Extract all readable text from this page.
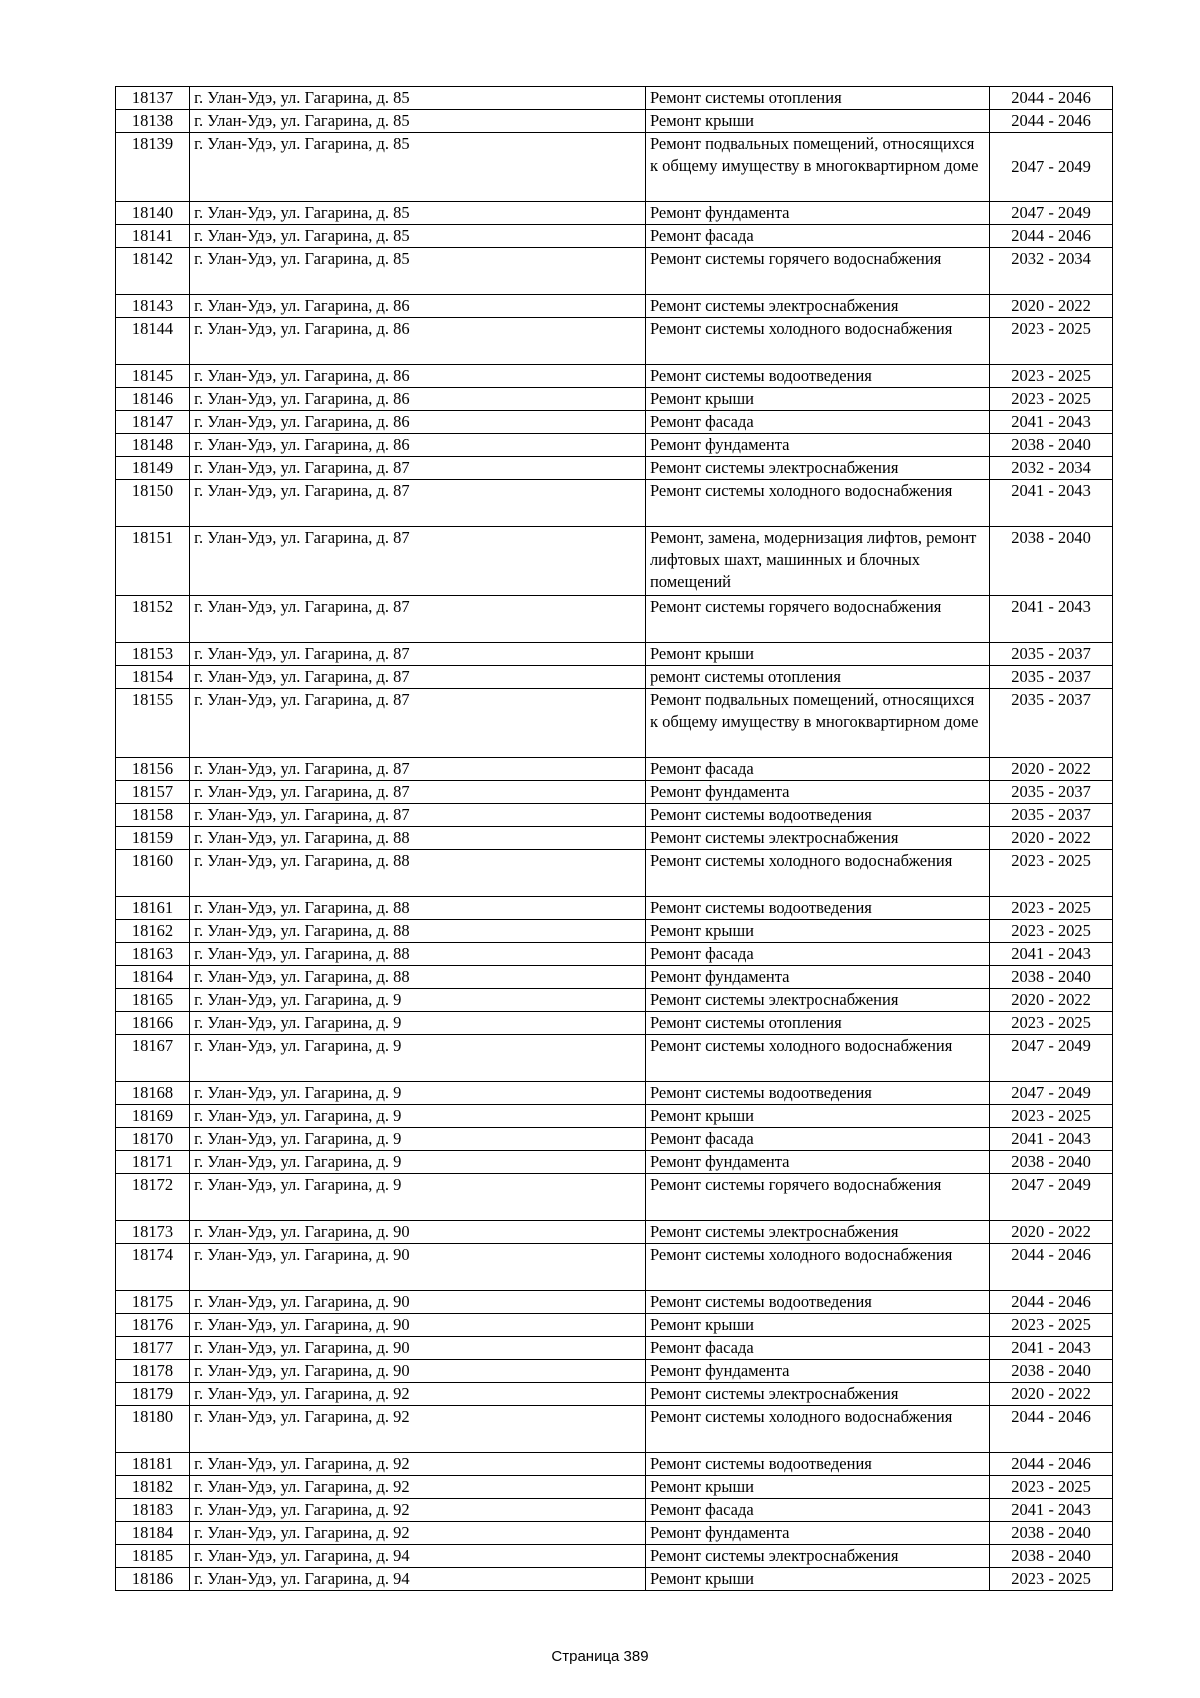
18137	г. Улан-Удэ, ул. Гагарина, д. 85	Ремонт системы отопления	2044 - 2046
18138	г. Улан-Удэ, ул. Гагарина, д. 85	Ремонт крыши	2044 - 2046
18139	г. Улан-Удэ, ул. Гагарина, д. 85	Ремонт подвальных помещений, относящихся к общему имуществу в многоквартирном доме	2047 - 2049
18140	г. Улан-Удэ, ул. Гагарина, д. 85	Ремонт фундамента	2047 - 2049
18141	г. Улан-Удэ, ул. Гагарина, д. 85	Ремонт фасада	2044 - 2046
18142	г. Улан-Удэ, ул. Гагарина, д. 85	Ремонт системы горячего водоснабжения	2032 - 2034
18143	г. Улан-Удэ, ул. Гагарина, д. 86	Ремонт системы электроснабжения	2020 - 2022
18144	г. Улан-Удэ, ул. Гагарина, д. 86	Ремонт системы холодного водоснабжения	2023 - 2025
18145	г. Улан-Удэ, ул. Гагарина, д. 86	Ремонт системы водоотведения	2023 - 2025
18146	г. Улан-Удэ, ул. Гагарина, д. 86	Ремонт крыши	2023 - 2025
18147	г. Улан-Удэ, ул. Гагарина, д. 86	Ремонт фасада	2041 - 2043
18148	г. Улан-Удэ, ул. Гагарина, д. 86	Ремонт фундамента	2038 - 2040
18149	г. Улан-Удэ, ул. Гагарина, д. 87	Ремонт системы электроснабжения	2032 - 2034
18150	г. Улан-Удэ, ул. Гагарина, д. 87	Ремонт системы холодного водоснабжения	2041 - 2043
18151	г. Улан-Удэ, ул. Гагарина, д. 87	Ремонт, замена, модернизация лифтов, ремонт лифтовых шахт, машинных и блочных помещений	2038 - 2040
18152	г. Улан-Удэ, ул. Гагарина, д. 87	Ремонт системы горячего водоснабжения	2041 - 2043
18153	г. Улан-Удэ, ул. Гагарина, д. 87	Ремонт крыши	2035 - 2037
18154	г. Улан-Удэ, ул. Гагарина, д. 87	ремонт системы отопления	2035 - 2037
18155	г. Улан-Удэ, ул. Гагарина, д. 87	Ремонт подвальных помещений, относящихся к общему имуществу в многоквартирном доме	2035 - 2037
18156	г. Улан-Удэ, ул. Гагарина, д. 87	Ремонт фасада	2020 - 2022
18157	г. Улан-Удэ, ул. Гагарина, д. 87	Ремонт фундамента	2035 - 2037
18158	г. Улан-Удэ, ул. Гагарина, д. 87	Ремонт системы водоотведения	2035 - 2037
18159	г. Улан-Удэ, ул. Гагарина, д. 88	Ремонт системы электроснабжения	2020 - 2022
18160	г. Улан-Удэ, ул. Гагарина, д. 88	Ремонт системы холодного водоснабжения	2023 - 2025
18161	г. Улан-Удэ, ул. Гагарина, д. 88	Ремонт системы водоотведения	2023 - 2025
18162	г. Улан-Удэ, ул. Гагарина, д. 88	Ремонт крыши	2023 - 2025
18163	г. Улан-Удэ, ул. Гагарина, д. 88	Ремонт фасада	2041 - 2043
18164	г. Улан-Удэ, ул. Гагарина, д. 88	Ремонт фундамента	2038 - 2040
18165	г. Улан-Удэ, ул. Гагарина, д. 9	Ремонт системы электроснабжения	2020 - 2022
18166	г. Улан-Удэ, ул. Гагарина, д. 9	Ремонт системы отопления	2023 - 2025
18167	г. Улан-Удэ, ул. Гагарина, д. 9	Ремонт системы холодного водоснабжения	2047 - 2049
18168	г. Улан-Удэ, ул. Гагарина, д. 9	Ремонт системы водоотведения	2047 - 2049
18169	г. Улан-Удэ, ул. Гагарина, д. 9	Ремонт крыши	2023 - 2025
18170	г. Улан-Удэ, ул. Гагарина, д. 9	Ремонт фасада	2041 - 2043
18171	г. Улан-Удэ, ул. Гагарина, д. 9	Ремонт фундамента	2038 - 2040
18172	г. Улан-Удэ, ул. Гагарина, д. 9	Ремонт системы горячего водоснабжения	2047 - 2049
18173	г. Улан-Удэ, ул. Гагарина, д. 90	Ремонт системы электроснабжения	2020 - 2022
18174	г. Улан-Удэ, ул. Гагарина, д. 90	Ремонт системы холодного водоснабжения	2044 - 2046
18175	г. Улан-Удэ, ул. Гагарина, д. 90	Ремонт системы водоотведения	2044 - 2046
18176	г. Улан-Удэ, ул. Гагарина, д. 90	Ремонт крыши	2023 - 2025
18177	г. Улан-Удэ, ул. Гагарина, д. 90	Ремонт фасада	2041 - 2043
18178	г. Улан-Удэ, ул. Гагарина, д. 90	Ремонт фундамента	2038 - 2040
18179	г. Улан-Удэ, ул. Гагарина, д. 92	Ремонт системы электроснабжения	2020 - 2022
18180	г. Улан-Удэ, ул. Гагарина, д. 92	Ремонт системы холодного водоснабжения	2044 - 2046
18181	г. Улан-Удэ, ул. Гагарина, д. 92	Ремонт системы водоотведения	2044 - 2046
18182	г. Улан-Удэ, ул. Гагарина, д. 92	Ремонт крыши	2023 - 2025
18183	г. Улан-Удэ, ул. Гагарина, д. 92	Ремонт фасада	2041 - 2043
18184	г. Улан-Удэ, ул. Гагарина, д. 92	Ремонт фундамента	2038 - 2040
18185	г. Улан-Удэ, ул. Гагарина, д. 94	Ремонт системы электроснабжения	2038 - 2040
18186	г. Улан-Удэ, ул. Гагарина, д. 94	Ремонт крыши	2023 - 2025
Страница 389
